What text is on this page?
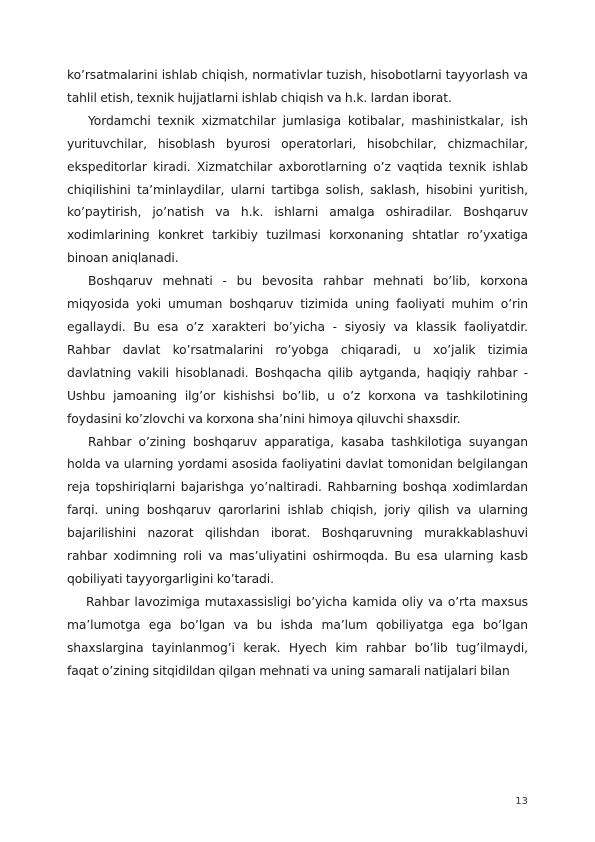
ko’rsatmalarini ishlab chiqish, normativlar tuzish, hisobotlarni tayyorlash va tahlil etish, texnik hujjatlarni ishlab chiqish va h.k. lardan iborat.

Yordamchi texnik xizmatchilar jumlasiga kotibalar, mashinistkalar, ish yurituvchilar, hisoblash byurosi operatorlari, hisobchilar, chizmachilar, ekspeditorlar kiradi. Xizmatchilar axborotlarning o’z vaqtida texnik ishlab chiqilishini ta’minlaydilar, ularni tartibga solish, saklash, hisobini yuritish, ko’paytirish, jo’natish va h.k. ishlarni amalga oshiradilar. Boshqaruv xodimlarining konkret tarkibiy tuzilmasi korxonaning shtatlar ro’yxatiga binoan aniqlanadi.

Boshqaruv mehnati - bu bevosita rahbar mehnati bo’lib, korxona miqyosida yoki umuman boshqaruv tizimida uning faoliyati muhim o’rin egallaydi. Bu esa o’z xarakteri bo’yicha - siyosiy va klassik faoliyatdir. Rahbar davlat ko’rsatmalarini ro’yobga chiqaradi, u xo’jalik tizimia davlatning vakili hisoblanadi. Boshqacha qilib aytganda, haqiqiy rahbar - Ushbu jamoaning ilg’or kishishsi bo’lib, u o’z korxona va tashkilotining foydasini ko’zlovchi va korxona sha’nini himoya qiluvchi shaxsdir.

Rahbar o’zining boshqaruv apparatiga, kasaba tashkilotiga suyangan holda va ularning yordami asosida faoliyatini davlat tomonidan belgilangan reja topshiriqlarni bajarishga yo’naltiradi. Rahbarning boshqa xodimlardan farqi. uning boshqaruv qarorlarini ishlab chiqish, joriy qilish va ularning bajarilishini nazorat qilishdan iborat. Boshqaruvning murakkablashuvi rahbar xodimning roli va mas’uliyatini oshirmoqda. Bu esa ularning kasb qobiliyati tayyorgarligini ko’taradi.

Rahbar lavozimiga mutaxassisligi bo’yicha kamida oliy va o’rta maxsus ma’lumotga ega bo’lgan va bu ishda ma’lum qobiliyatga ega bo’lgan shaxslargina tayinlanmog’i kerak. Hyech kim rahbar bo’lib tug’ilmaydi, faqat o’zining sitqidildan qilgan mehnati va uning samarali natijalari bilan

13
